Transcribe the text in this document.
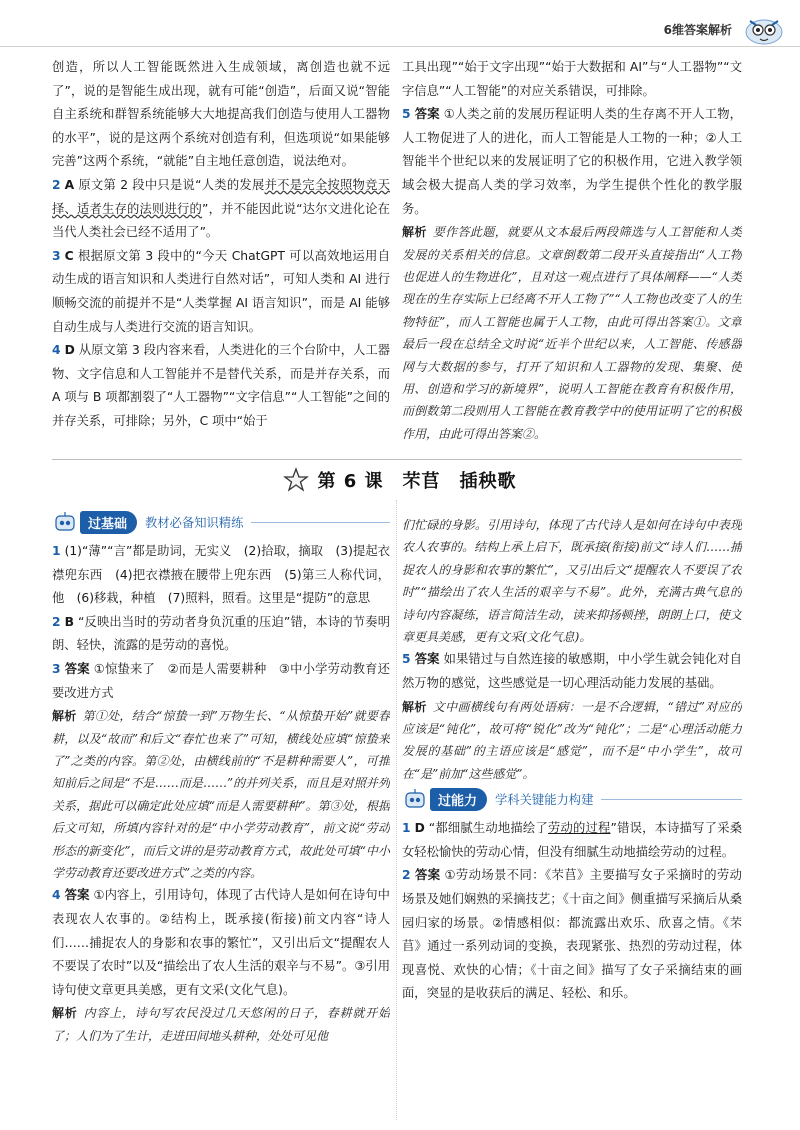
6维答案解析

创造，所以人工智能既然进入生成领域，离创造也就不远了”，说的是智能生成出现，就有可能“创造”，后面又说“智能自主系统和群智系统能够大大地提高我们创造与使用人工器物的水平”，说的是这两个系统对创造有利，但选项说“如果能够完善”这两个系统，“就能”自主地任意创造，说法绝对。

2 A 原文第 2 段中只是说“人类的发展并不是完全按照物竞天择、适者生存的法则进行的”，并不能因此说“达尔文进化论在当代人类社会已经不适用了”。

3 C 根据原文第 3 段中的“今天 ChatGPT 可以高效地运用自动生成的语言知识和人类进行自然对话”，可知人类和 AI 进行顺畅交流的前提并不是“人类掌握 AI 语言知识”，而是 AI 能够自动生成与人类进行交流的语言知识。

4 D 从原文第 3 段内容来看，人类进化的三个台阶中，人工器物、文字信息和人工智能并不是替代关系，而是并存关系，而 A 项与 B 项都割裂了“人工器物”“文字信息”“人工智能”之间的并存关系，可排除；另外，C 项中“始于

工具出现”“始于文字出现”“始于大数据和 AI”与“人工器物”“文字信息”“人工智能”的对应关系错误，可排除。

5 答案 ①人类之前的发展历程证明人类的生存离不开人工物，人工物促进了人的进化，而人工智能是人工物的一种；②人工智能半个世纪以来的发展证明了它的积极作用，它进入教学领域会极大提高人类的学习效率，为学生提供个性化的教学服务。

解析 要作答此题，就要从文本最后两段筛选与人工智能和人类发展的关系相关的信息。文章倒数第二段开头直接指出“人工物也促进人的生物进化”，且对这一观点进行了具体阐释——“人类现在的生存实际上已经离不开人工物了”“人工物也改变了人的生物特征”，而人工智能也属于人工物，由此可得出答案①。文章最后一段在总结全文时说“近半个世纪以来，人工智能、传感器网与大数据的参与，打开了知识和人工器物的发现、集聚、使用、创造和学习的新境界”，说明人工智能在教育有积极作用，而倒数第二段则用人工智能在教育教学中的使用证明了它的积极作用，由此可得出答案②。

第 6 课　芣苢　插秧歌
过基础	教材必备知识精练

1 (1)“薄”“言”都是助词，无实义　(2)拾取，摘取　(3)提起衣襟兜东西　(4)把衣襟掖在腰带上兜东西　(5)第三人称代词，他　(6)移栽，种植　(7)照料，照看。这里是“提防”的意思

2 B “反映出当时的劳动者身负沉重的压迫”错，本诗的节奏明朗、轻快，流露的是劳动的喜悦。

3 答案 ①惊蛰来了　②而是人需要耕种　③中小学劳动教育还要改进方式

解析 第①处，结合“惊蛰一到”万物生长、“从惊蛰开始”就要春耕，以及“故而”和后文“春忙也来了”可知，横线处应填“惊蛰来了”之类的内容。第②处，由横线前的“不是耕种需要人”，可推知前后之间是“不是……而是……”的并列关系，而且是对照并列关系，据此可以确定此处应填“而是人需要耕种”。第③处，根据后文可知，所填内容针对的是“中小学劳动教育”，前文说“劳动形态的新变化”，而后文讲的是劳动教育方式，故此处可填“中小学劳动教育还要改进方式”之类的内容。

4 答案 ①内容上，引用诗句，体现了古代诗人是如何在诗句中表现农人农事的。②结构上，既承接(衔接)前文内容“诗人们……捕捉农人的身影和农事的繁忙”，又引出后文“提醒农人不要误了农时”以及“描绘出了农人生活的艰辛与不易”。③引用诗句使文章更具美感，更有文采(文化气息)。

解析 内容上，诗句写农民没过几天悠闲的日子，春耕就开始了；人们为了生计，走进田间地头耕种，处处可见他

们忙碌的身影。引用诗句，体现了古代诗人是如何在诗句中表现农人农事的。结构上承上启下，既承接(衔接)前文“诗人们……捕捉农人的身影和农事的繁忙”，又引出后文“提醒农人不要误了农时”“描绘出了农人生活的艰辛与不易”。此外，充满古典气息的诗句内容凝练，语言简洁生动，读来抑扬顿挫，朗朗上口，使文章更具美感，更有文采(文化气息)。

5 答案 如果错过与自然连接的敏感期，中小学生就会钝化对自然万物的感觉，这些感觉是一切心理活动能力发展的基础。

解析 文中画横线句有两处语病：一是不合逻辑，“错过”对应的应该是“钝化”，故可将“锐化”改为“钝化”；二是“心理活动能力发展的基础”的主语应该是“感觉”，而不是“中小学生”，故可在“是”前加“这些感觉”。

过能力	学科关键能力构建

1 D “都细腻生动地描绘了劳动的过程”错误，本诗描写了采桑女轻松愉快的劳动心情，但没有细腻生动地描绘劳动的过程。

2 答案 ①劳动场景不同：《芣苢》主要描写女子采摘时的劳动场景及她们娴熟的采摘技艺；《十亩之间》侧重描写采摘后从桑园归家的场景。②情感相似：都流露出欢乐、欣喜之情。《芣苢》通过一系列动词的变换，表现紧张、热烈的劳动过程，体现喜悦、欢快的心情；《十亩之间》描写了女子采摘结束的画面，突显的是收获后的满足、轻松、和乐。
